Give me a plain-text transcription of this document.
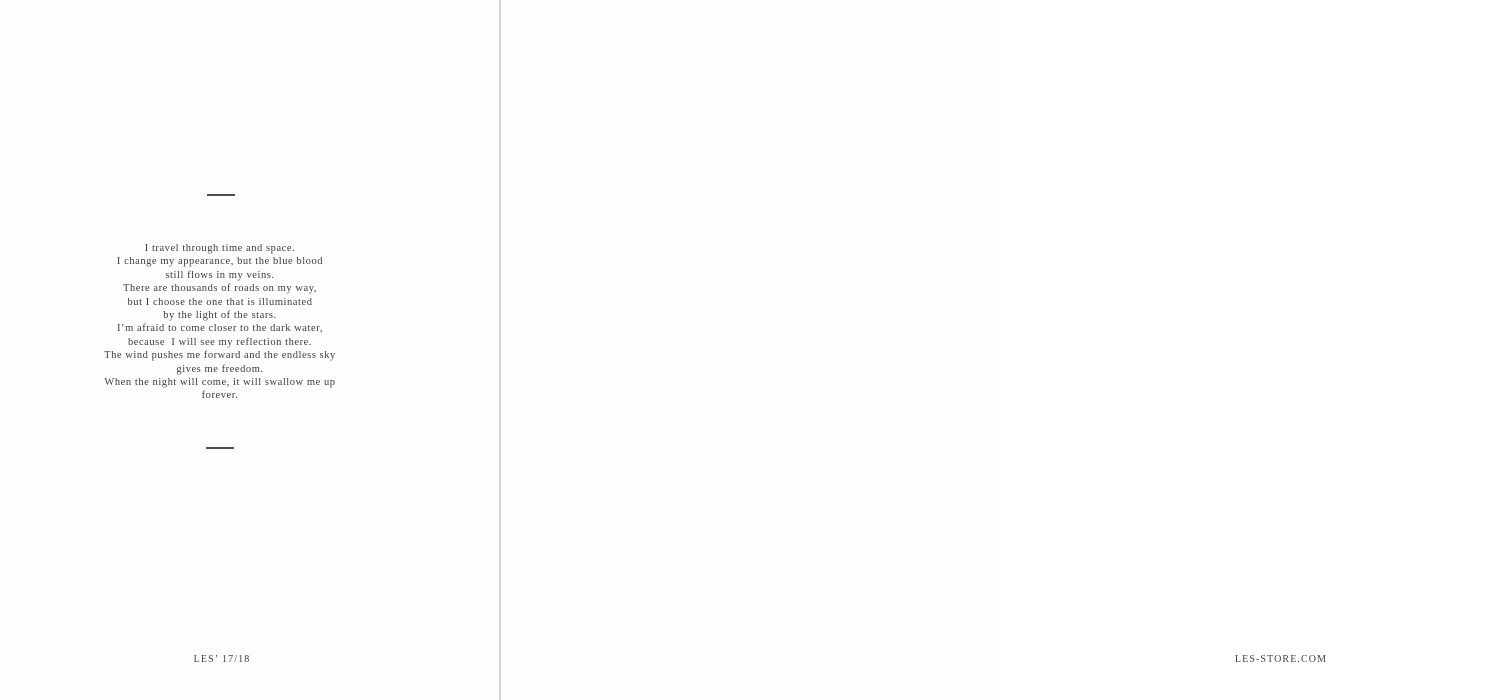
I travel through time and space.
I change my appearance, but the blue blood
still flows in my veins.
There are thousands of roads on my way,
but I choose the one that is illuminated
by the light of the stars.
I’m afraid to come closer to the dark water,
because  I will see my reflection there.
The wind pushes me forward and the endless sky
gives me freedom.
When the night will come, it will swallow me up
forever.
LES’ 17/18	LES-STORE.COM
